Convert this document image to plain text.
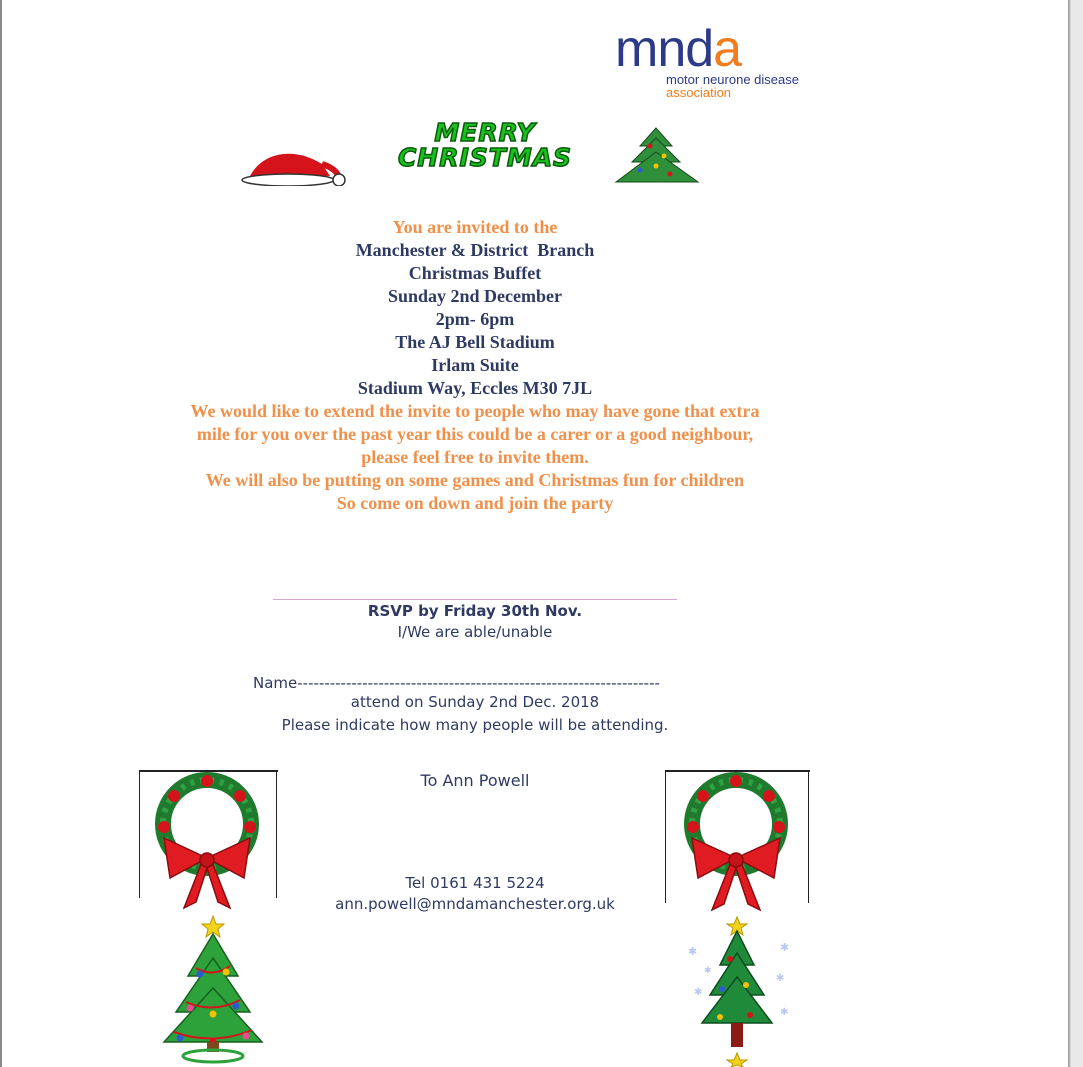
mnda
motor neurone disease
association
MERRY
CHRISTMAS
You are invited to the
Manchester & District  Branch
Christmas Buffet
Sunday 2nd December
2pm- 6pm
The AJ Bell Stadium
Irlam Suite
Stadium Way, Eccles M30 7JL
We would like to extend the invite to people who may have gone that extra
mile for you over the past year this could be a carer or a good neighbour,
please feel free to invite them.
We will also be putting on some games and Christmas fun for children
So come on down and join the party
RSVP by Friday 30th Nov.
I/We are able/unable
Name-------------------------------------------------------------------
attend on Sunday 2nd Dec. 2018
Please indicate how many people will be attending.
To Ann Powell
Tel 0161 431 5224
ann.powell@mndamanchester.org.uk
✱	✱
✱
✱
✱
✱
